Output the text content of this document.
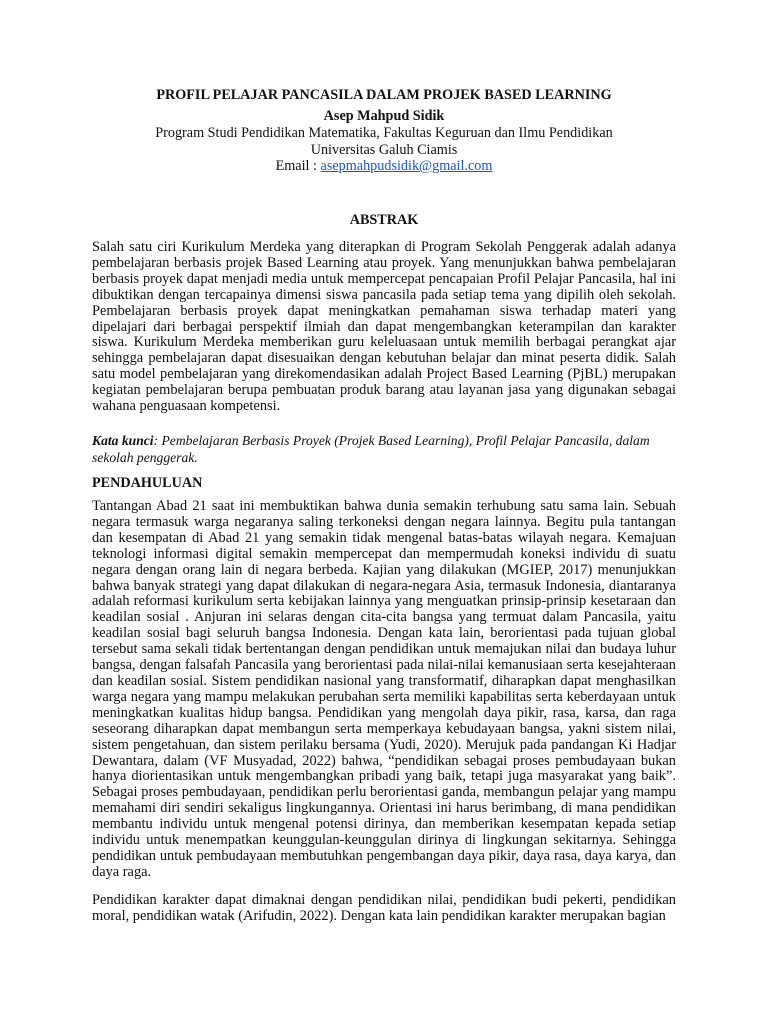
PROFIL PELAJAR PANCASILA DALAM PROJEK BASED LEARNING

Asep Mahpud Sidik

Program Studi Pendidikan Matematika, Fakultas Keguruan dan Ilmu Pendidikan

Universitas Galuh Ciamis

Email : asepmahpudsidik@gmail.com

ABSTRAK

Salah satu ciri Kurikulum Merdeka yang diterapkan di Program Sekolah Penggerak adalah adanya pembelajaran berbasis projek Based Learning atau proyek. Yang menunjukkan bahwa pembelajaran berbasis proyek dapat menjadi media untuk mempercepat pencapaian Profil Pelajar Pancasila, hal ini dibuktikan dengan tercapainya dimensi siswa pancasila pada setiap tema yang dipilih oleh sekolah. Pembelajaran berbasis proyek dapat meningkatkan pemahaman siswa terhadap materi yang dipelajari dari berbagai perspektif ilmiah dan dapat mengembangkan keterampilan dan karakter siswa. Kurikulum Merdeka memberikan guru keleluasaan untuk memilih berbagai perangkat ajar sehingga pembelajaran dapat disesuaikan dengan kebutuhan belajar dan minat peserta didik. Salah satu model pembelajaran yang direkomendasikan adalah Project Based Learning (PjBL) merupakan kegiatan pembelajaran berupa pembuatan produk barang atau layanan jasa yang digunakan sebagai wahana penguasaan kompetensi.

Kata kunci: Pembelajaran Berbasis Proyek (Projek Based Learning), Profil Pelajar Pancasila, dalam sekolah penggerak.

PENDAHULUAN

Tantangan Abad 21 saat ini membuktikan bahwa dunia semakin terhubung satu sama lain. Sebuah negara termasuk warga negaranya saling terkoneksi dengan negara lainnya. Begitu pula tantangan dan kesempatan di Abad 21 yang semakin tidak mengenal batas-batas wilayah negara. Kemajuan teknologi informasi digital semakin mempercepat dan mempermudah koneksi individu di suatu negara dengan orang lain di negara berbeda. Kajian yang dilakukan (MGIEP, 2017) menunjukkan bahwa banyak strategi yang dapat dilakukan di negara-negara Asia, termasuk Indonesia, diantaranya adalah reformasi kurikulum serta kebijakan lainnya yang menguatkan prinsip-prinsip kesetaraan dan keadilan sosial . Anjuran ini selaras dengan cita-cita bangsa yang termuat dalam Pancasila, yaitu keadilan sosial bagi seluruh bangsa Indonesia. Dengan kata lain, berorientasi pada tujuan global tersebut sama sekali tidak bertentangan dengan pendidikan untuk memajukan nilai dan budaya luhur bangsa, dengan falsafah Pancasila yang berorientasi pada nilai-nilai kemanusiaan serta kesejahteraan dan keadilan sosial. Sistem pendidikan nasional yang transformatif, diharapkan dapat menghasilkan warga negara yang mampu melakukan perubahan serta memiliki kapabilitas serta keberdayaan untuk meningkatkan kualitas hidup bangsa. Pendidikan yang mengolah daya pikir, rasa, karsa, dan raga seseorang diharapkan dapat membangun serta memperkaya kebudayaan bangsa, yakni sistem nilai, sistem pengetahuan, dan sistem perilaku bersama (Yudi, 2020). Merujuk pada pandangan Ki Hadjar Dewantara, dalam (VF Musyadad, 2022) bahwa, “pendidikan sebagai proses pembudayaan bukan hanya diorientasikan untuk mengembangkan pribadi yang baik, tetapi juga masyarakat yang baik”. Sebagai proses pembudayaan, pendidikan perlu berorientasi ganda, membangun pelajar yang mampu memahami diri sendiri sekaligus lingkungannya. Orientasi ini harus berimbang, di mana pendidikan membantu individu untuk mengenal potensi dirinya, dan memberikan kesempatan kepada setiap individu untuk menempatkan keunggulan-keunggulan dirinya di lingkungan sekitarnya. Sehingga pendidikan untuk pembudayaan membutuhkan pengembangan daya pikir, daya rasa, daya karya, dan daya raga.

Pendidikan karakter dapat dimaknai dengan pendidikan nilai, pendidikan budi pekerti, pendidikan moral, pendidikan watak (Arifudin, 2022). Dengan kata lain pendidikan karakter merupakan bagian
